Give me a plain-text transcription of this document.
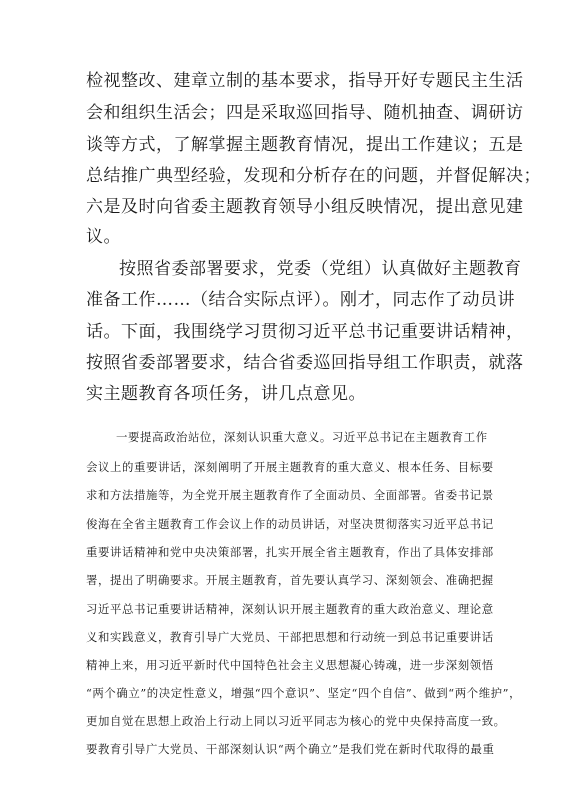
检视整改、建章立制的基本要求，指导开好专题民主生活
会和组织生活会；四是采取巡回指导、随机抽查、调研访
谈等方式，了解掌握主题教育情况，提出工作建议；五是
总结推广典型经验，发现和分析存在的问题，并督促解决；
六是及时向省委主题教育领导小组反映情况，提出意见建
议。
按照省委部署要求，党委（党组）认真做好主题教育
准备工作……（结合实际点评）。刚才，同志作了动员讲
话。下面，我围绕学习贯彻习近平总书记重要讲话精神，
按照省委部署要求，结合省委巡回指导组工作职责，就落
实主题教育各项任务，讲几点意见。
一要提高政治站位，深刻认识重大意义。习近平总书记在主题教育工作
会议上的重要讲话，深刻阐明了开展主题教育的重大意义、根本任务、目标要
求和方法措施等，为全党开展主题教育作了全面动员、全面部署。省委书记景
俊海在全省主题教育工作会议上作的动员讲话，对坚决贯彻落实习近平总书记
重要讲话精神和党中央决策部署，扎实开展全省主题教育，作出了具体安排部
署，提出了明确要求。开展主题教育，首先要认真学习、深刻领会、准确把握
习近平总书记重要讲话精神，深刻认识开展主题教育的重大政治意义、理论意
义和实践意义，教育引导广大党员、干部把思想和行动统一到总书记重要讲话
精神上来，用习近平新时代中国特色社会主义思想凝心铸魂，进一步深刻领悟
“两个确立”的决定性意义，增强“四个意识”、坚定“四个自信”、做到“两个维护”，
更加自觉在思想上政治上行动上同以习近平同志为核心的党中央保持高度一致。
要教育引导广大党员、干部深刻认识“两个确立”是我们党在新时代取得的最重
